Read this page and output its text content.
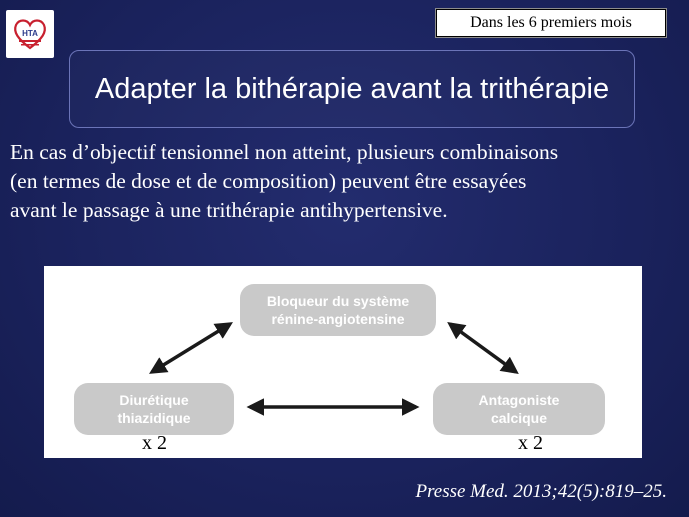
HTA
Dans les 6 premiers mois
Adapter la bithérapie avant la trithérapie
En cas d’objectif tensionnel non atteint, plusieurs combinaisons
(en termes de dose et de composition) peuvent être essayées
avant le passage à une trithérapie antihypertensive.
Bloqueur du système
rénine-angiotensine
Diurétique
thiazidique
Antagoniste
calcique
x 2	x 2
Presse Med. 2013;42(5):819–25.
